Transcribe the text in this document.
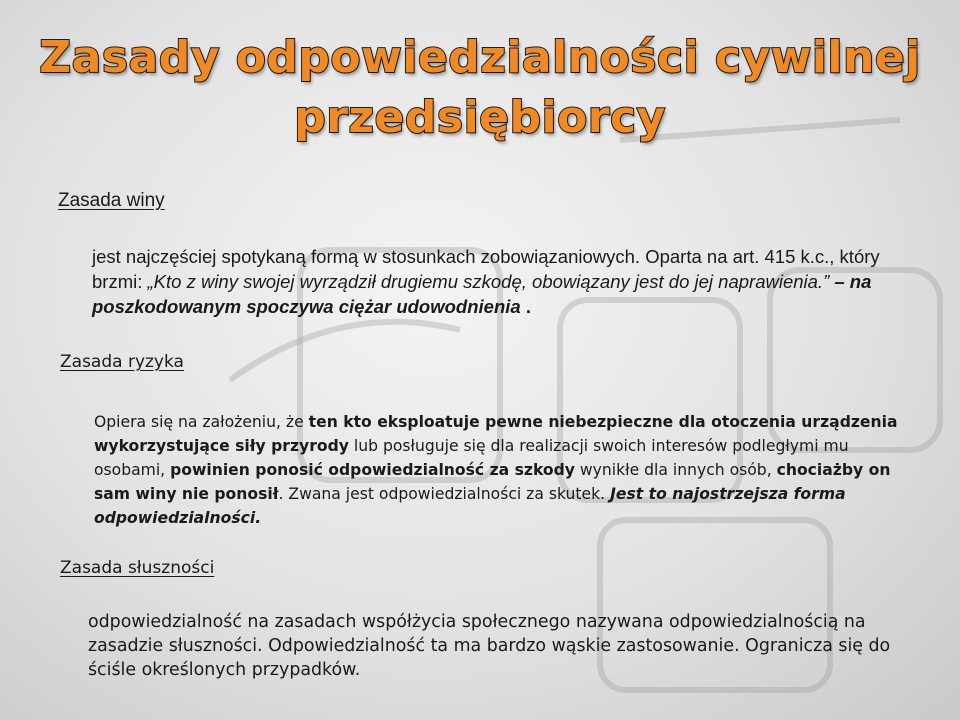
Zasady odpowiedzialności cywilnej
przedsiębiorcy
Zasada winy

jest najczęściej spotykaną formą w stosunkach zobowiązaniowych. Oparta na art. 415 k.c., który brzmi: „Kto z winy swojej wyrządził drugiemu szkodę, obowiązany jest do jej naprawienia.” – na poszkodowanym spoczywa ciężar udowodnienia .

Zasada ryzyka

Opiera się na założeniu, że ten kto eksploatuje pewne niebezpieczne dla otoczenia urządzenia wykorzystujące siły przyrody lub posługuje się dla realizacji swoich interesów podległymi mu osobami, powinien ponosić odpowiedzialność za szkody wynikłe dla innych osób, chociażby on sam winy nie ponosił. Zwana jest odpowiedzialności za skutek. Jest to najostrzejsza forma odpowiedzialności.

Zasada słuszności

odpowiedzialność na zasadach współżycia społecznego nazywana odpowiedzialnością na zasadzie słuszności. Odpowiedzialność ta ma bardzo wąskie zastosowanie. Ogranicza się do ściśle określonych przypadków.
